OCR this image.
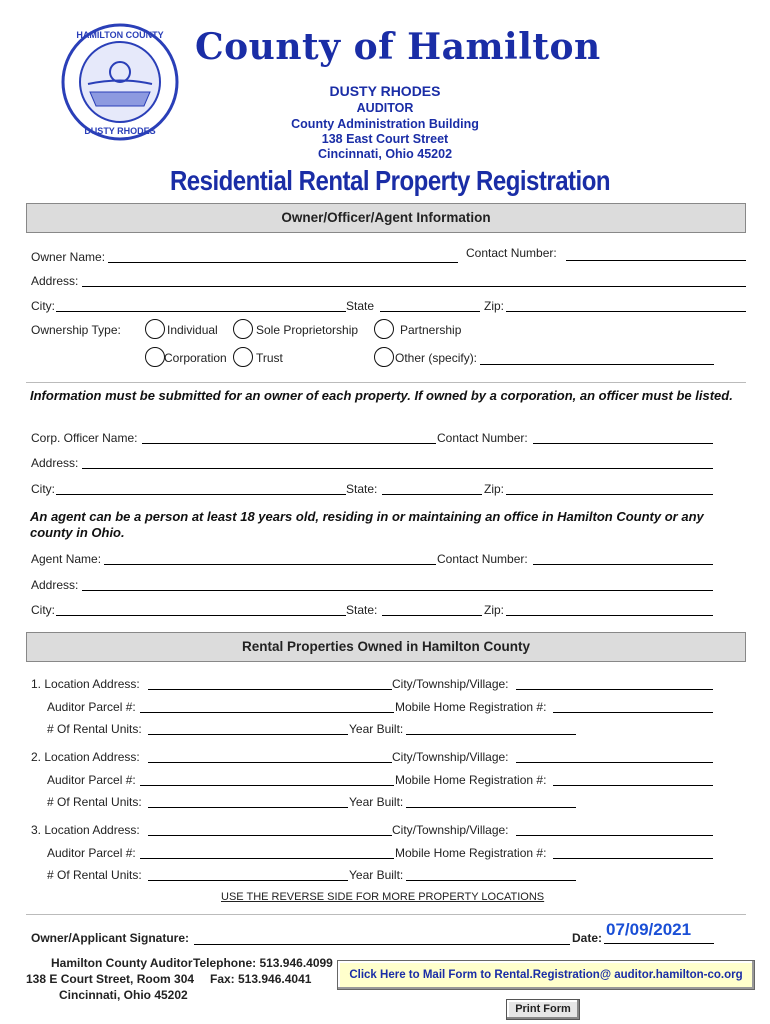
HAMILTON COUNTY
DUSTY RHODES
County of Hamilton
DUSTY RHODES
AUDITOR
County Administration Building
138 East Court Street
Cincinnati, Ohio 45202
Residential Rental Property Registration
Owner/Officer/Agent Information
Owner Name:	Contact Number:
Address:
City:	State	Zip:
Ownership Type:	Individual	Sole Proprietorship	Partnership
Corporation Trust	Other (specify):
Information must be submitted for an owner of each property. If owned by a corporation, an officer must be listed.
Corp. Officer Name:	Contact Number:
Address:
City:	State:	Zip:
An agent can be a person at least 18 years old, residing in or maintaining an office in Hamilton County or any county in Ohio.
Agent Name:	Contact Number:
Address:
City:	State:	Zip:
Rental Properties Owned in Hamilton County
1. Location Address:	City/Township/Village:
Auditor Parcel #:	Mobile Home Registration #:
# Of Rental Units:	Year Built:
2. Location Address:	City/Township/Village:
Auditor Parcel #:	Mobile Home Registration #:
# Of Rental Units:	Year Built:
3. Location Address:	City/Township/Village:
Auditor Parcel #:	Mobile Home Registration #:
# Of Rental Units:	Year Built:
USE THE REVERSE SIDE FOR MORE PROPERTY LOCATIONS
Owner/Applicant Signature:	Date: 07/09/2021
Hamilton County Auditor
138 E Court Street, Room 304
Cincinnati, Ohio 45202
Telephone: 513.946.4099
Fax: 513.946.4041	Click Here to Mail Form to Rental.Registration@ auditor.hamilton-co.org
Print Form
